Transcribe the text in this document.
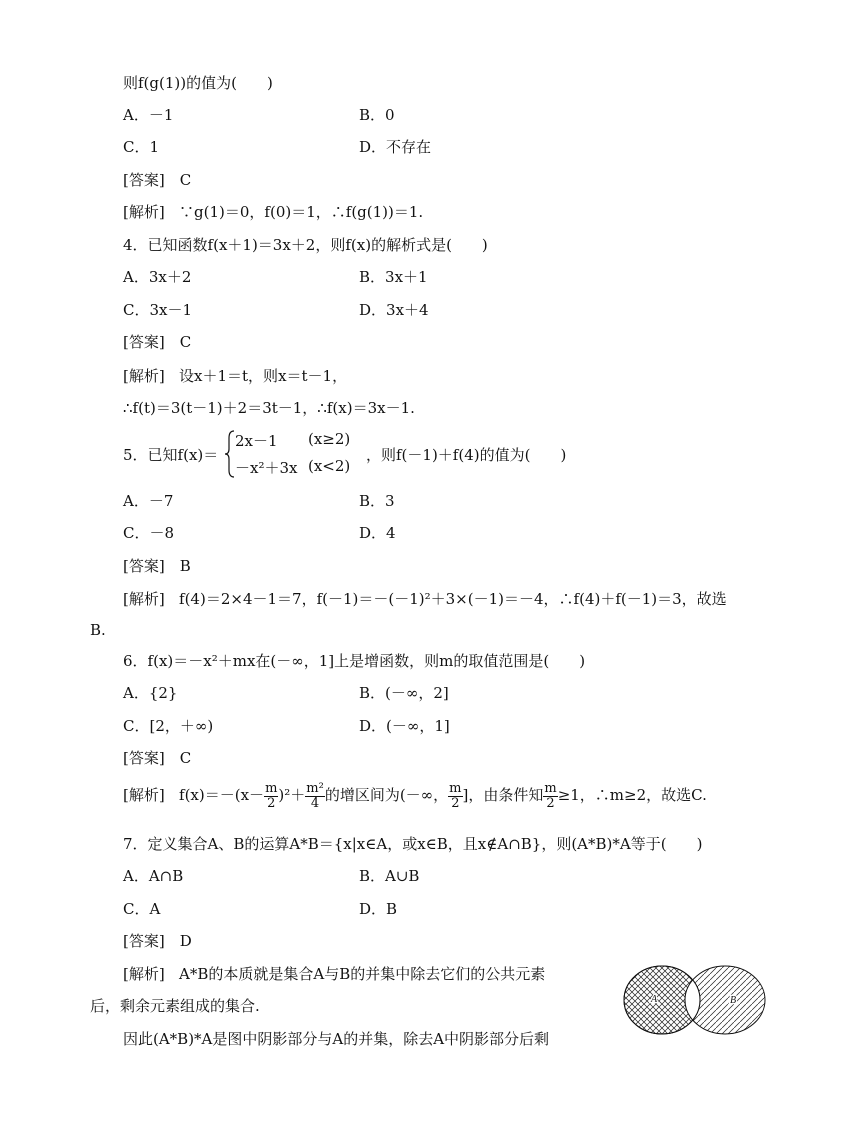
则f(g(1))的值为(　　)
A．－1	B．0
C．1	D．不存在
[答案]　C
[解析] ∵g(1)＝0，f(0)＝1，∴f(g(1))＝1.
4．已知函数f(x＋1)＝3x＋2，则f(x)的解析式是(　　)
A．3x＋2	B．3x＋1
C．3x－1	D．3x＋4
[答案]　C
[解析] 设x＋1＝t，则x＝t－1，
∴f(t)＝3(t－1)＋2＝3t－1，∴f(x)＝3x－1.
5．已知f(x)＝
2x－1 (x≥2)
－x²＋3x (x<2)
，则f(－1)＋f(4)的值为(　　)
A．－7	B．3
C．－8	D．4
[答案]　B
[解析] f(4)＝2×4－1＝7，f(－1)＝－(－1)²＋3×(－1)＝－4，∴f(4)＋f(－1)＝3，故选
B.
6．f(x)＝－x²＋mx在(－∞，1]上是增函数，则m的取值范围是(　　)
A．{2}	B．(－∞，2]
C．[2，＋∞)	D．(－∞，1]
[答案]　C
[解析] $f(x)=-(x- \frac{m}{2} )^2+ \frac{\text{m²}}{4}$ 的增区间为(－∞， $\frac{m}{2}$ ]，由条件知 $\frac{m}{2} \ge 1$，∴m≥2，故选C.
7．定义集合A、B的运算A*B＝{x|x∈A，或x∈B，且x∉A∩B}，则(A*B)*A等于(　　)
A．A∩B	B．A∪B
C．A	D．B
[答案]　D
[解析] A*B的本质就是集合A与B的并集中除去它们的公共元素
后，剩余元素组成的集合.
因此(A*B)*A是图中阴影部分与A的并集，除去A中阴影部分后剩
A	B
